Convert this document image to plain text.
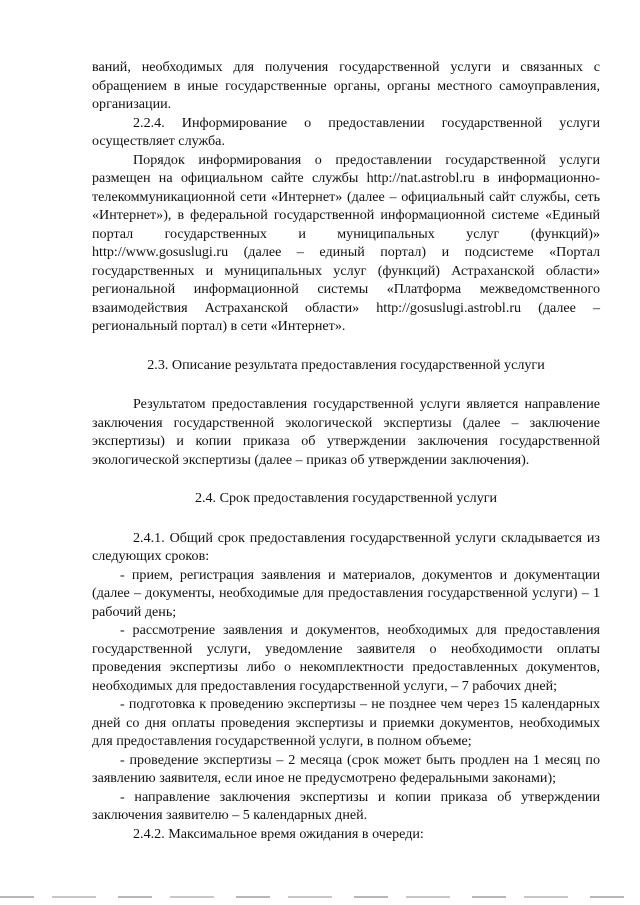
ваний, необходимых для получения государственной услуги и связанных с обращением в иные государственные органы, органы местного самоуправления, организации.

2.2.4. Информирование о предоставлении государственной услуги осуществляет служба.

Порядок информирования о предоставлении государственной услуги размещен на официальном сайте службы http://nat.astrobl.ru в информационно-телекоммуникационной сети «Интернет» (далее – официальный сайт службы, сеть «Интернет»), в федеральной государственной информационной системе «Единый портал государственных и муниципальных услуг (функций)» http://www.gosuslugi.ru (далее – единый портал) и подсистеме «Портал государственных и муниципальных услуг (функций) Астраханской области» региональной информационной системы «Платформа межведомственного взаимодействия Астраханской области» http://gosuslugi.astrobl.ru (далее – региональный портал) в сети «Интернет».

2.3. Описание результата предоставления государственной услуги

Результатом предоставления государственной услуги является направление заключения государственной экологической экспертизы (далее – заключение экспертизы) и копии приказа об утверждении заключения государственной экологической экспертизы (далее – приказ об утверждении заключения).

2.4. Срок предоставления государственной услуги

2.4.1. Общий срок предоставления государственной услуги складывается из следующих сроков:

- прием, регистрация заявления и материалов, документов и документации (далее – документы, необходимые для предоставления государственной услуги) – 1 рабочий день;

- рассмотрение заявления и документов, необходимых для предоставления государственной услуги, уведомление заявителя о необходимости оплаты проведения экспертизы либо о некомплектности предоставленных документов, необходимых для предоставления государственной услуги, – 7 рабочих дней;

- подготовка к проведению экспертизы – не позднее чем через 15 календарных дней со дня оплаты проведения экспертизы и приемки документов, необходимых для предоставления государственной услуги, в полном объеме;

- проведение экспертизы – 2 месяца (срок может быть продлен на 1 месяц по заявлению заявителя, если иное не предусмотрено федеральными законами);

- направление заключения экспертизы и копии приказа об утверждении заключения заявителю – 5 календарных дней.

2.4.2. Максимальное время ожидания в очереди:
